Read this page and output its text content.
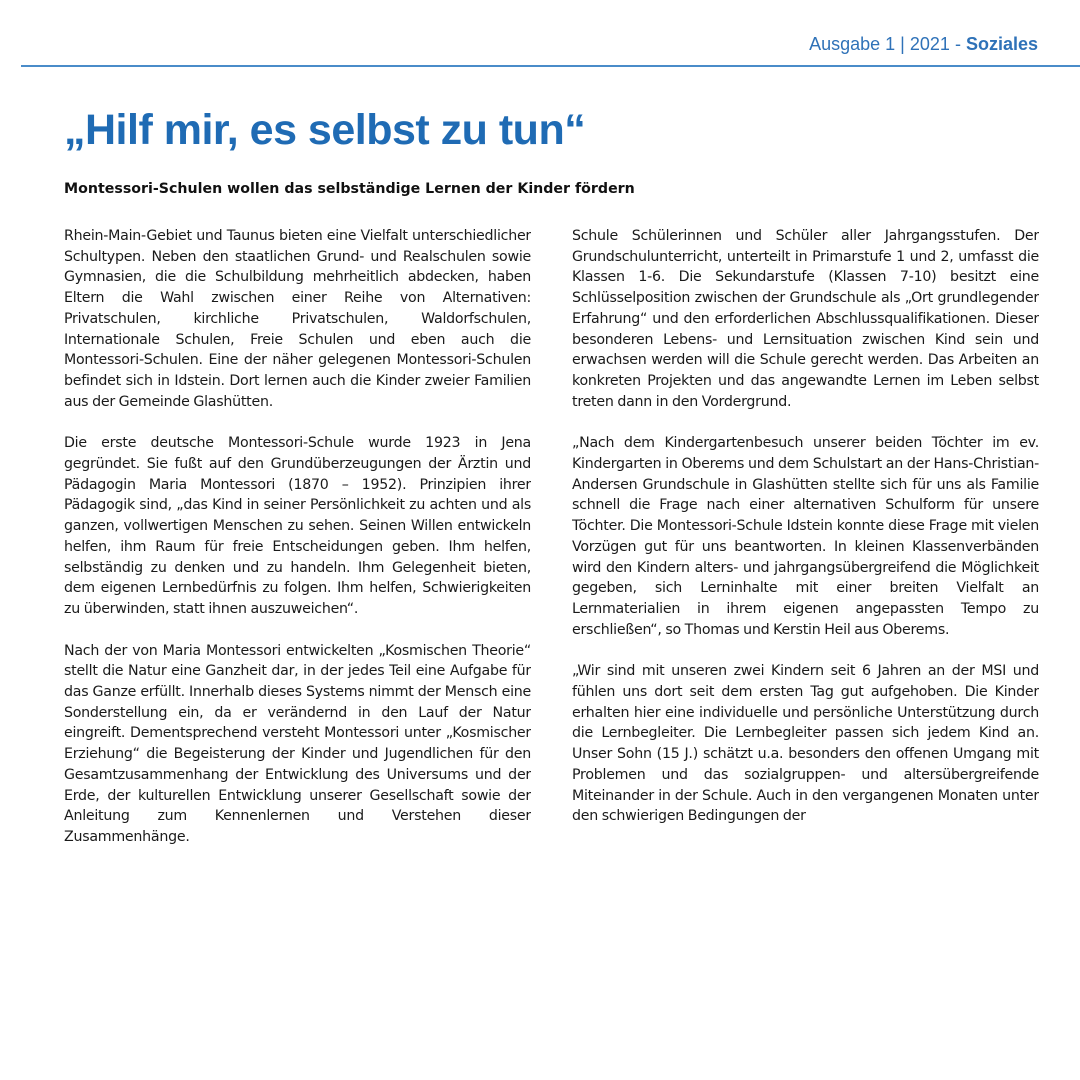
Ausgabe 1 | 2021 - Soziales
„Hilf mir, es selbst zu tun“
Montessori-Schulen wollen das selbständige Lernen der Kinder fördern

Rhein-Main-Gebiet und Taunus bieten eine Vielfalt unterschiedlicher Schultypen. Neben den staatlichen Grund- und Realschulen sowie Gymnasien, die die Schulbildung mehrheitlich abdecken, haben Eltern die Wahl zwischen einer Reihe von Alternativen: Privatschulen, kirchliche Privatschulen, Waldorfschulen, Internationale Schulen, Freie Schulen und eben auch die Montessori-Schulen. Eine der näher gelegenen Montessori-Schulen befindet sich in Idstein. Dort lernen auch die Kinder zweier Familien aus der Gemeinde Glashütten.

Die erste deutsche Montessori-Schule wurde 1923 in Jena gegründet. Sie fußt auf den Grundüberzeugungen der Ärztin und Pädagogin Maria Montessori (1870 – 1952). Prinzipien ihrer Pädagogik sind, „das Kind in seiner Persönlichkeit zu achten und als ganzen, vollwertigen Menschen zu sehen. Seinen Willen entwickeln helfen, ihm Raum für freie Entscheidungen geben. Ihm helfen, selbständig zu denken und zu handeln. Ihm Gelegenheit bieten, dem eigenen Lernbedürfnis zu folgen. Ihm helfen, Schwierigkeiten zu überwinden, statt ihnen auszuweichen“.

Nach der von Maria Montessori entwickelten „Kosmischen Theorie“ stellt die Natur eine Ganzheit dar, in der jedes Teil eine Aufgabe für das Ganze erfüllt. Innerhalb dieses Systems nimmt der Mensch eine Sonderstellung ein, da er verändernd in den Lauf der Natur eingreift. Dementsprechend versteht Montessori unter „Kosmischer Erziehung“ die Begeisterung der Kinder und Jugendlichen für den Gesamtzusammenhang der Entwicklung des Universums und der Erde, der kulturellen Entwicklung unserer Gesellschaft sowie der Anleitung zum Kennenlernen und Verstehen dieser Zusammenhänge.

Schule Schülerinnen und Schüler aller Jahrgangsstufen. Der Grundschulunterricht, unterteilt in Primarstufe 1 und 2, umfasst die Klassen 1-6. Die Sekundarstufe (Klassen 7-10) besitzt eine Schlüsselposition zwischen der Grundschule als „Ort grundlegender Erfahrung“ und den erforderlichen Abschlussqualifikationen. Dieser besonderen Lebens- und Lernsituation zwischen Kind sein und erwachsen werden will die Schule gerecht werden. Das Arbeiten an konkreten Projekten und das angewandte Lernen im Leben selbst treten dann in den Vordergrund.

„Nach dem Kindergartenbesuch unserer beiden Töchter im ev. Kindergarten in Oberems und dem Schulstart an der Hans-Christian-Andersen Grundschule in Glashütten stellte sich für uns als Familie schnell die Frage nach einer alternativen Schulform für unsere Töchter. Die Montessori-Schule Idstein konnte diese Frage mit vielen Vorzügen gut für uns beantworten. In kleinen Klassenverbänden wird den Kindern alters- und jahrgangsübergreifend die Möglichkeit gegeben, sich Lerninhalte mit einer breiten Vielfalt an Lernmaterialien in ihrem eigenen angepassten Tempo zu erschließen“, so Thomas und Kerstin Heil aus Oberems.

„Wir sind mit unseren zwei Kindern seit 6 Jahren an der MSI und fühlen uns dort seit dem ersten Tag gut aufgehoben. Die Kinder erhalten hier eine individuelle und persönliche Unterstützung durch die Lernbegleiter. Die Lernbegleiter passen sich jedem Kind an. Unser Sohn (15 J.) schätzt u.a. besonders den offenen Umgang mit Problemen und das sozialgruppen- und altersübergreifende Miteinander in der Schule. Auch in den vergangenen Monaten unter den schwierigen Bedingungen der
